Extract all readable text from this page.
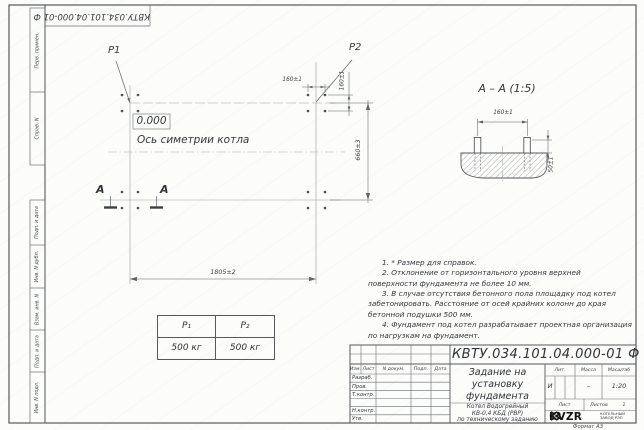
КВТУ.034.101.04.000-01 Ф
Перв. примен.
Справ. N
Подп. и дата
Инв. N дубл.
Взам. инв. N
Подп. и дата
Инв. N подл.
P1	P2
160±1	160±1
0.000
Ось симетрии котла
А	А
1805±2
660±3
А – А (1:5)
160±1
50±1
P₁	P₂
500 кг	500 кг
1. * Размер для справок.
2. Отклонение от горизонтального уровня верхней поверхности фундамента не более 10 мм.
3. В случае отсутствия бетонного пола площадку под котел забетонировать. Расстояние от осей крайних колонн до края бетонной подушки 500 мм.
4. Фундамент под котел разрабатывает проектная организация по нагрузкам на фундамент.
КВТУ.034.101.04.000-01 Ф
Изм. Лист	N докум.	Подп.	Дата
Разраб.
Пров.
Т.контр.
Н.контр.
Утв.
Задание на установку фундамента
Котел Водогрейный
КВ-0,4 КБД (РВР)
по техническому заданию
Лит.	Масса	Масштаб
И	–	1:20
Лист	Листов	1
KVZR	КОТЕЛЬНЫЙ
ЗАВОД РЭП
Формат А3
